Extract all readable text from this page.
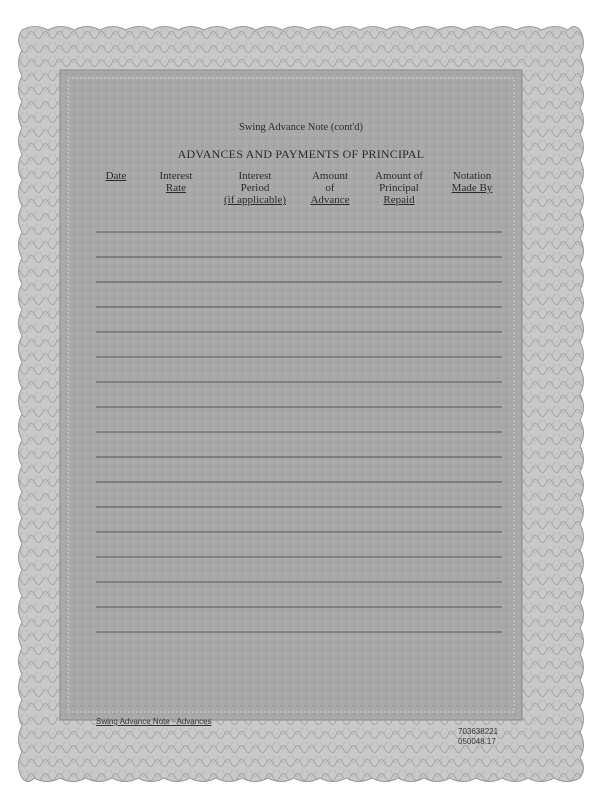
Swing Advance Note (cont'd)
ADVANCES AND PAYMENTS OF PRINCIPAL
Date	Interest
Rate
Interest
Period
(if applicable)
Amount
of
Advance
Amount of
Principal
Repaid
Notation
Made By
Swing Advance Note - Advances
703638221
050048.17
